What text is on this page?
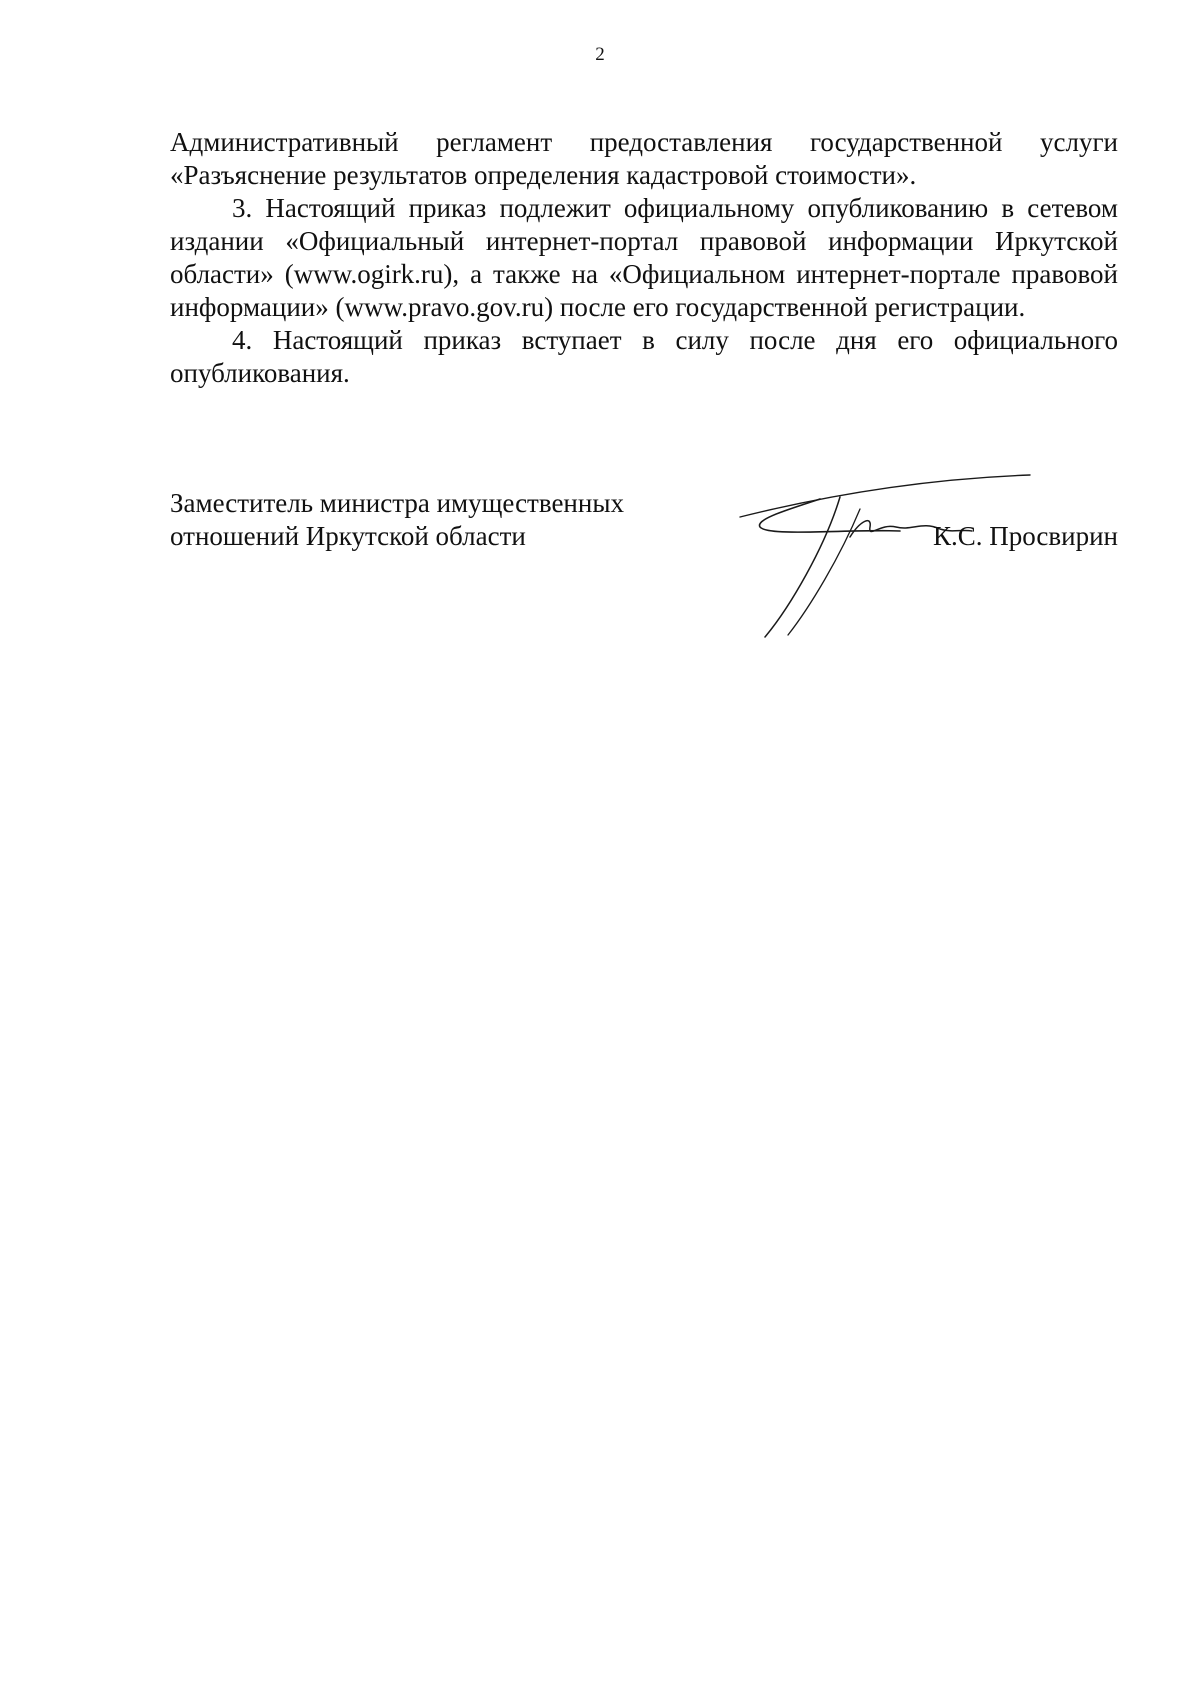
2

Административный регламент предоставления государственной услуги

«Разъяснение результатов определения кадастровой стоимости».

3. Настоящий приказ подлежит официальному опубликованию в сетевом издании «Официальный интернет-портал правовой информации Иркутской области» (www.ogirk.ru), а также на «Официальном интернет-портале правовой информации» (www.pravo.gov.ru) после его государственной регистрации.

4. Настоящий приказ вступает в силу после дня его официального опубликования.

Заместитель министра имущественных
отношений Иркутской области	К.С. Просвирин
